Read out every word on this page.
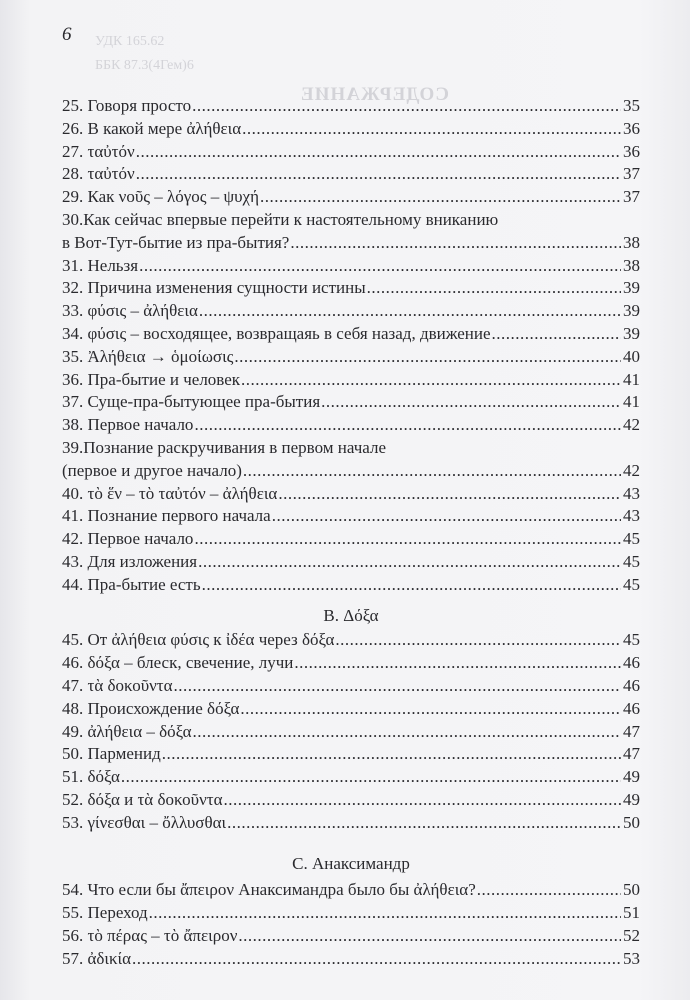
УДК 165.62
ББК 87.3(4Гем)6
СОДЕРЖАНИЕ
6
25. Говоря просто .....	35
26. В какой мере ἀλήθεια .....	36
27. ταὐτόν .....	36
28. ταὐτόν .....	37
29. Как νοῦς – λόγος – ψυχή .....	37
30. Как сейчас впервые перейти к настоятельному вниканию
в Вот-Тут-бытие из пра-бытия? .....	38
31. Нельзя .....	38
32. Причина изменения сущности истины .....	39
33. φύσις – ἀλήθεια .....	39
34. φύσις – восходящее, возвращаяь в себя назад, движение .....	39
35. Ἀλήθεια → ὁμοίωσις .....	40
36. Пра-бытие и человек .....	41
37. Суще-пра-бытующее пра-бытия .....	41
38. Первое начало .....	42
39. Познание раскручивания в первом начале
(первое и другое начало) .....	42
40. τὸ ἕν – τὸ ταὐτόν – ἀλήθεια .....	43
41. Познание первого начала .....	43
42. Первое начало .....	45
43. Для изложения .....	45
44. Пра-бытие есть .....	45
B. Δόξα
45. От ἀλήθεια φύσις к ἰδέα через δόξα .....	45
46. δόξα – блеск, свечение, лучи .....	46
47. τὰ δοκοῦντα .....	46
48. Происхождение δόξα .....	46
49. ἀλήθεια – δόξα .....	47
50. Парменид .....	47
51. δόξα .....	49
52. δόξα и τὰ δοκοῦντα .....	49
53. γίνεσθαι – ὄλλυσθαι .....	50
C. Анаксимандр
54. Что если бы ἄπειρον Анаксимандра было бы ἀλήθεια? .....	50
55. Переход .....	51
56. τὸ πέρας – τὸ ἄπειρον .....	52
57. ἀδικία .....	53
